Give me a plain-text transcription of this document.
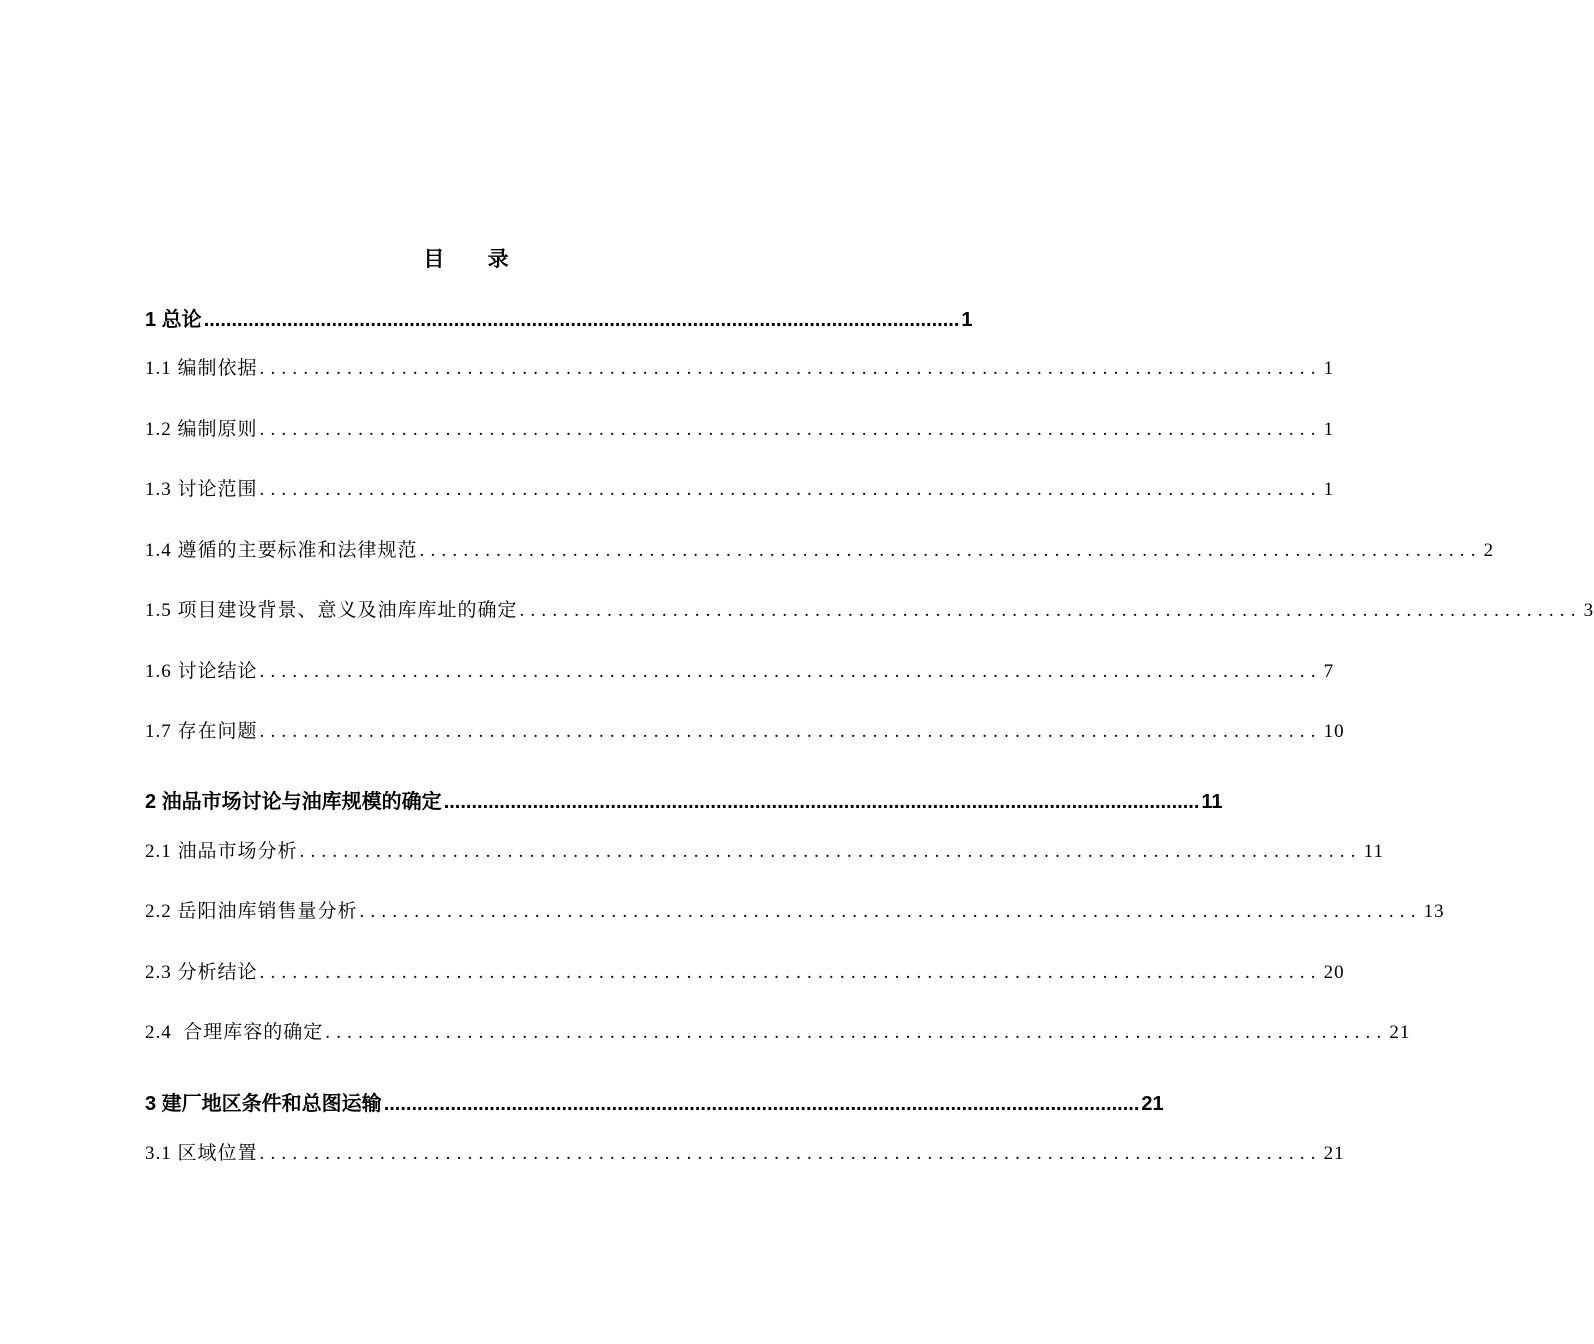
目 录
1 总论 ........................................................................................................................................ 1
1.1 编制依据 ................................................................................................. 1
1.2 编制原则 ................................................................................................. 1
1.3 讨论范围 ................................................................................................. 1
1.4 遵循的主要标准和法律规范 ................................................................................................. 2
1.5 项目建设背景、意义及油库库址的确定 ................................................................................................. 3
1.6 讨论结论 ................................................................................................. 7
1.7 存在问题 ................................................................................................. 10
2 油品市场讨论与油库规模的确定 ........................................................................................................................................ 11
2.1 油品市场分析 ................................................................................................. 11
2.2 岳阳油库销售量分析 ................................................................................................. 13
2.3 分析结论 ................................................................................................. 20
2.4  合理库容的确定 ................................................................................................. 21
3 建厂地区条件和总图运输 ........................................................................................................................................ 21
3.1 区域位置 ................................................................................................. 21
